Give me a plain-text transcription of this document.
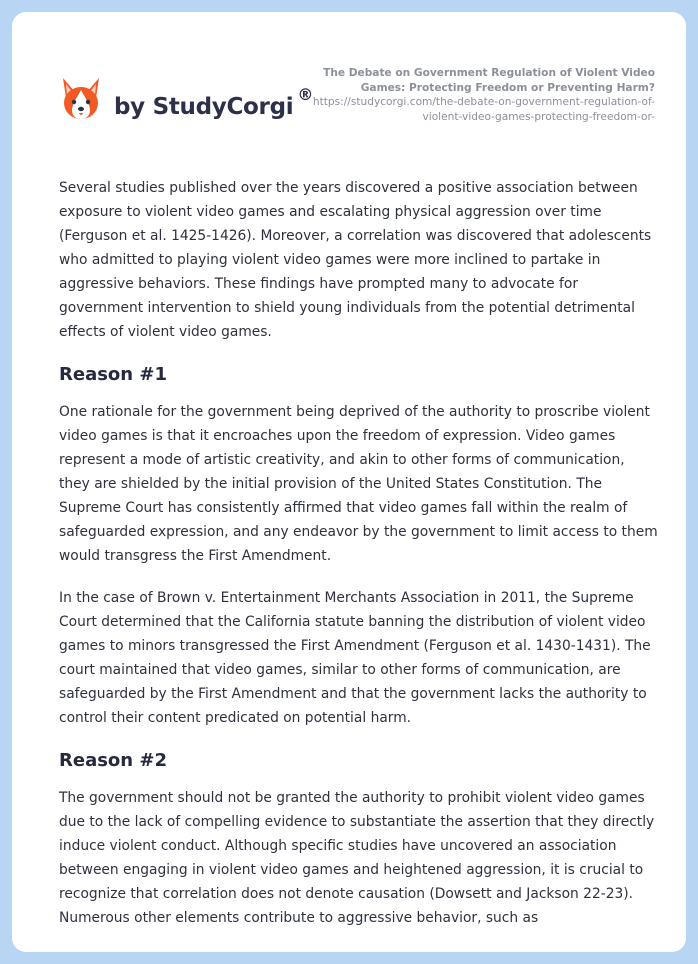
by StudyCorgi ®
The Debate on Government Regulation of Violent Video Games: Protecting Freedom or Preventing Harm?
https://studycorgi.com/the-debate-on-government-regulation-of-violent-video-games-protecting-freedom-or-

Several studies published over the years discovered a positive association between exposure to violent video games and escalating physical aggression over time (Ferguson et al. 1425-1426). Moreover, a correlation was discovered that adolescents who admitted to playing violent video games were more inclined to partake in aggressive behaviors. These findings have prompted many to advocate for government intervention to shield young individuals from the potential detrimental effects of violent video games.

Reason #1

One rationale for the government being deprived of the authority to proscribe violent video games is that it encroaches upon the freedom of expression. Video games represent a mode of artistic creativity, and akin to other forms of communication, they are shielded by the initial provision of the United States Constitution. The Supreme Court has consistently affirmed that video games fall within the realm of safeguarded expression, and any endeavor by the government to limit access to them would transgress the First Amendment.

In the case of Brown v. Entertainment Merchants Association in 2011, the Supreme Court determined that the California statute banning the distribution of violent video games to minors transgressed the First Amendment (Ferguson et al. 1430-1431). The court maintained that video games, similar to other forms of communication, are safeguarded by the First Amendment and that the government lacks the authority to control their content predicated on potential harm.

Reason #2

The government should not be granted the authority to prohibit violent video games due to the lack of compelling evidence to substantiate the assertion that they directly induce violent conduct. Although specific studies have uncovered an association between engaging in violent video games and heightened aggression, it is crucial to recognize that correlation does not denote causation (Dowsett and Jackson 22-23). Numerous other elements contribute to aggressive behavior, such as
